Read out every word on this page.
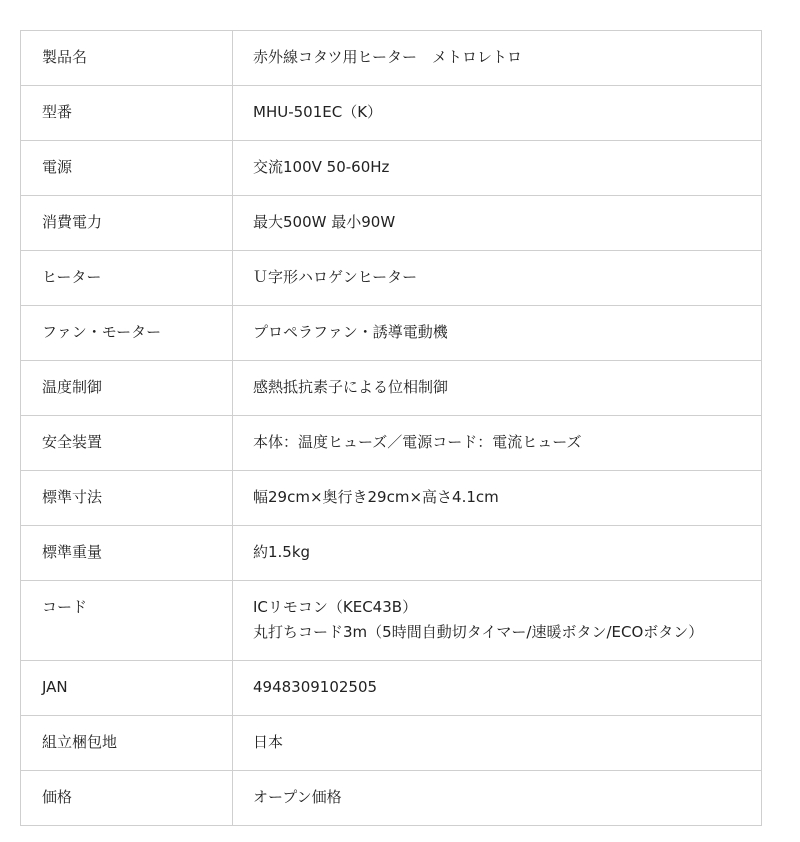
製品名	赤外線コタツ用ヒーター　メトロレトロ

型番	MHU-501EC（K）

電源	交流100V 50-60Hz

消費電力	最大500W 最小90W

ヒーター	Ｕ字形ハロゲンヒーター

ファン・モーター	プロペラファン・誘導電動機

温度制御	感熱抵抗素子による位相制御

安全装置	本体：温度ヒューズ／電源コード：電流ヒューズ

標準寸法	幅29cm×奥行き29cm×高さ4.1cm

標準重量	約1.5kg

コード	ICリモコン（KEC43B）
丸打ちコード3m（5時間自動切タイマー/速暖ボタン/ECOボタン）

JAN	4948309102505

組立梱包地	日本

価格	オープン価格
